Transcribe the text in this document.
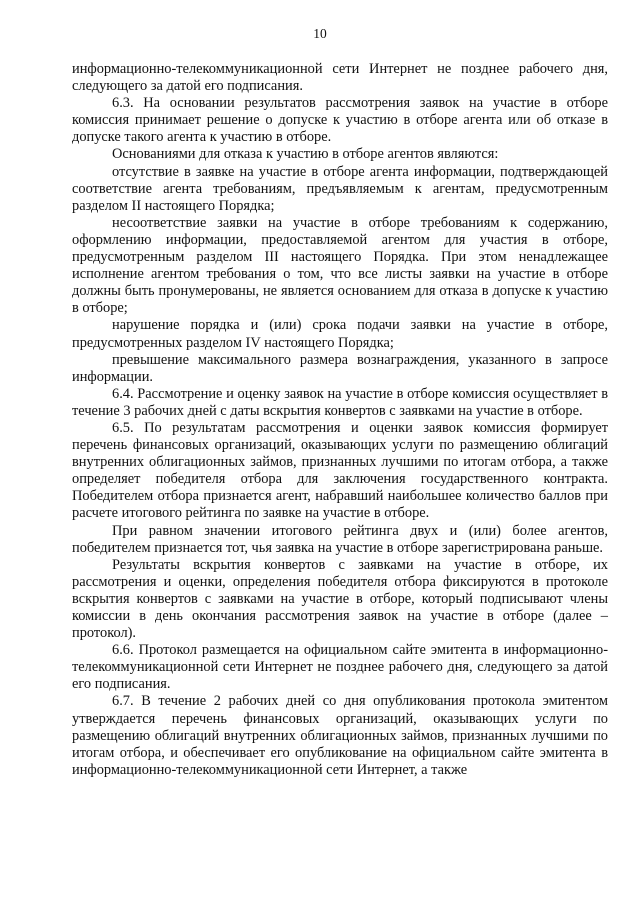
10

информационно-телекоммуникационной сети Интернет не позднее рабочего дня, следующего за датой его подписания.

6.3. На основании результатов рассмотрения заявок на участие в отборе комиссия принимает решение о допуске к участию в отборе агента или об отказе в допуске такого агента к участию в отборе.

Основаниями для отказа к участию в отборе агентов являются:

отсутствие в заявке на участие в отборе агента информации, подтверждающей соответствие агента требованиям, предъявляемым к агентам, предусмотренным разделом II настоящего Порядка;

несоответствие заявки на участие в отборе требованиям к содержанию, оформлению информации, предоставляемой агентом для участия в отборе, предусмотренным разделом III настоящего Порядка. При этом ненадлежащее исполнение агентом требования о том, что все листы заявки на участие в отборе должны быть пронумерованы, не является основанием для отказа в допуске к участию в отборе;

нарушение порядка и (или) срока подачи заявки на участие в отборе, предусмотренных разделом IV настоящего Порядка;

превышение максимального размера вознаграждения, указанного в запросе информации.

6.4. Рассмотрение и оценку заявок на участие в отборе комиссия осуществляет в течение 3 рабочих дней с даты вскрытия конвертов с заявками на участие в отборе.

6.5. По результатам рассмотрения и оценки заявок комиссия формирует перечень финансовых организаций, оказывающих услуги по размещению облигаций внутренних облигационных займов, признанных лучшими по итогам отбора, а также определяет победителя отбора для заключения государственного контракта. Победителем отбора признается агент, набравший наибольшее количество баллов при расчете итогового рейтинга по заявке на участие в отборе.

При равном значении итогового рейтинга двух и (или) более агентов, победителем признается тот, чья заявка на участие в отборе зарегистрирована раньше.

Результаты вскрытия конвертов с заявками на участие в отборе, их рассмотрения и оценки, определения победителя отбора фиксируются в протоколе вскрытия конвертов с заявками на участие в отборе, который подписывают члены комиссии в день окончания рассмотрения заявок на участие в отборе (далее – протокол).

6.6. Протокол размещается на официальном сайте эмитента в информационно-телекоммуникационной сети Интернет не позднее рабочего дня, следующего за датой его подписания.

6.7. В течение 2 рабочих дней со дня опубликования протокола эмитентом утверждается перечень финансовых организаций, оказывающих услуги по размещению облигаций внутренних облигационных займов, признанных лучшими по итогам отбора, и обеспечивает его опубликование на официальном сайте эмитента в информационно-телекоммуникационной сети Интернет, а также
